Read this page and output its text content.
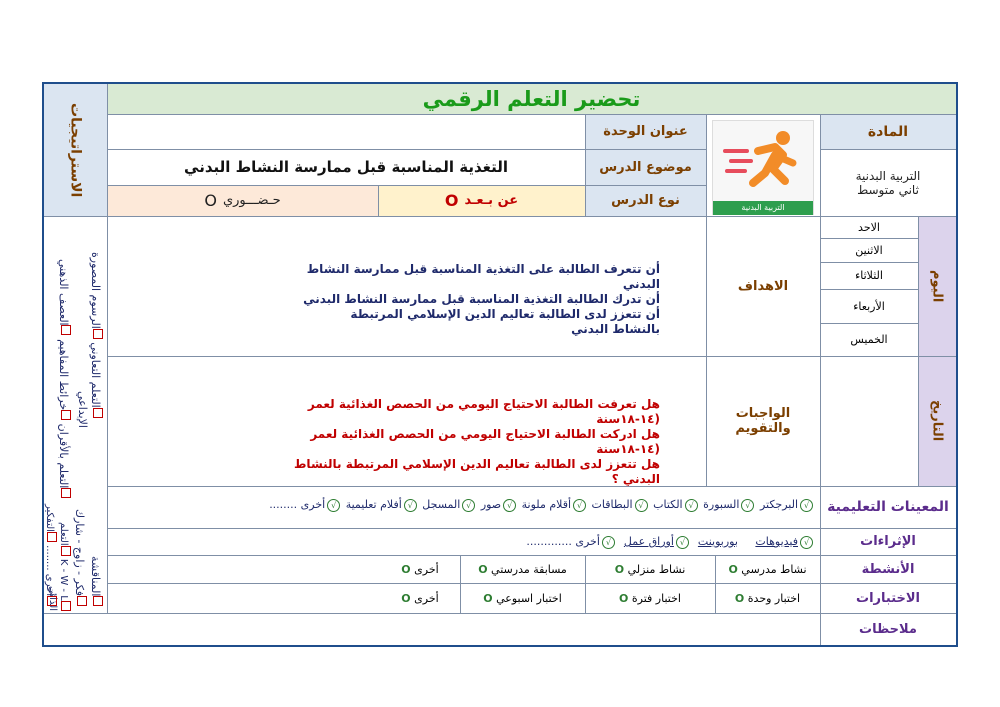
تحضير التعلم الرقمي
الاستراتيجيات	المادة
التربية البدنية
ثاني متوسط
التربية البدنية
عنوان الوحدة
موضوع الدرس
التغذية المناسبة قبل ممارسة النشاط البدني
نوع الدرس
عن بـعـد
O
حـضـــوري
O
اليوم
التاريخ
الاحد
الاثنين
الثلاثاء
الأربعاء
الخميس
الاهداف
أن تتعرف الطالبة على التغذية المناسبة قبل ممارسة النشاط البدني
أن تدرك الطالبة التغذية المناسبة قبل ممارسة النشاط البدني
أن تتعزز لدى الطالبة تعاليم الدين الإسلامي المرتبطة بالنشاط البدني
الواجبات والتقويم
هل تعرفت الطالبة الاحتياج اليومي من الحصص الغذائية لعمر (١٤-١٨سنة
هل ادركت الطالبة الاحتياج اليومي من الحصص الغذائية لعمر (١٤-١٨سنة
هل تتعزز لدى الطالبة تعاليم الدين الإسلامي المرتبطة بالنشاط البدني ؟
التعلم التعاوني الرسوم المصورة
الإبداعي
التعلم بالأقران خرائط المفاهيم العصف الذهني
المناقشة
فكر - زاوج - شارك
K - W - L التعلم الذاتي
أخرى ........ التفكير	المعينات التعليمية
√البرجكتر √السبورة √الكتاب √البطاقات √أقلام ملونة √صور √المسجل √أفلام تعليمية √أخرى ........
الإثراءات
√فيديوهات     بوربوينت  √أوراق عمل  √أخرى .............
الأنشطة
نشاط مدرسي

O
نشاط منزلي

O
مسابقة مدرستي

O
أخرى

O
الاختبارات
اختبار وحدة

O
اختبار فترة

O
اختبار اسبوعي

O
أخرى

O
ملاحظات
